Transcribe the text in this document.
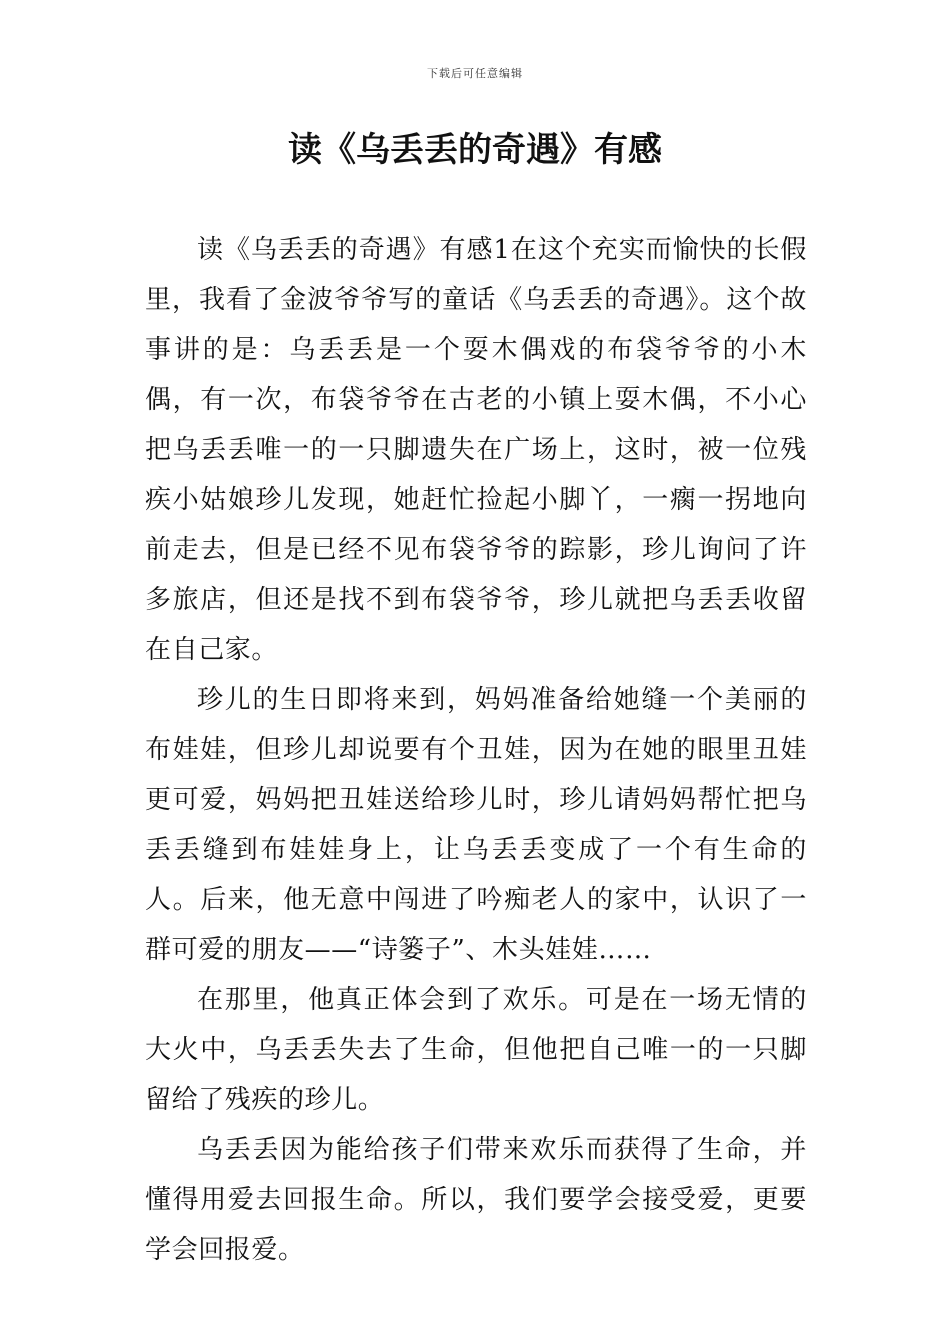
下载后可任意编辑
读《乌丢丢的奇遇》有感

读《乌丢丢的奇遇》有感1在这个充实而愉快的长假里，我看了金波爷爷写的童话《乌丢丢的奇遇》。这个故事讲的是：乌丢丢是一个耍木偶戏的布袋爷爷的小木偶，有一次，布袋爷爷在古老的小镇上耍木偶，不小心把乌丢丢唯一的一只脚遗失在广场上，这时，被一位残疾小姑娘珍儿发现，她赶忙捡起小脚丫，一瘸一拐地向前走去，但是已经不见布袋爷爷的踪影，珍儿询问了许多旅店，但还是找不到布袋爷爷，珍儿就把乌丢丢收留在自己家。

珍儿的生日即将来到，妈妈准备给她缝一个美丽的布娃娃，但珍儿却说要有个丑娃，因为在她的眼里丑娃更可爱，妈妈把丑娃送给珍儿时，珍儿请妈妈帮忙把乌丢丢缝到布娃娃身上，让乌丢丢变成了一个有生命的人。后来，他无意中闯进了吟痴老人的家中，认识了一群可爱的朋友——“诗篓子”、木头娃娃……

在那里，他真正体会到了欢乐。可是在一场无情的大火中，乌丢丢失去了生命，但他把自己唯一的一只脚留给了残疾的珍儿。

乌丢丢因为能给孩子们带来欢乐而获得了生命，并懂得用爱去回报生命。所以，我们要学会接受爱，更要学会回报爱。
